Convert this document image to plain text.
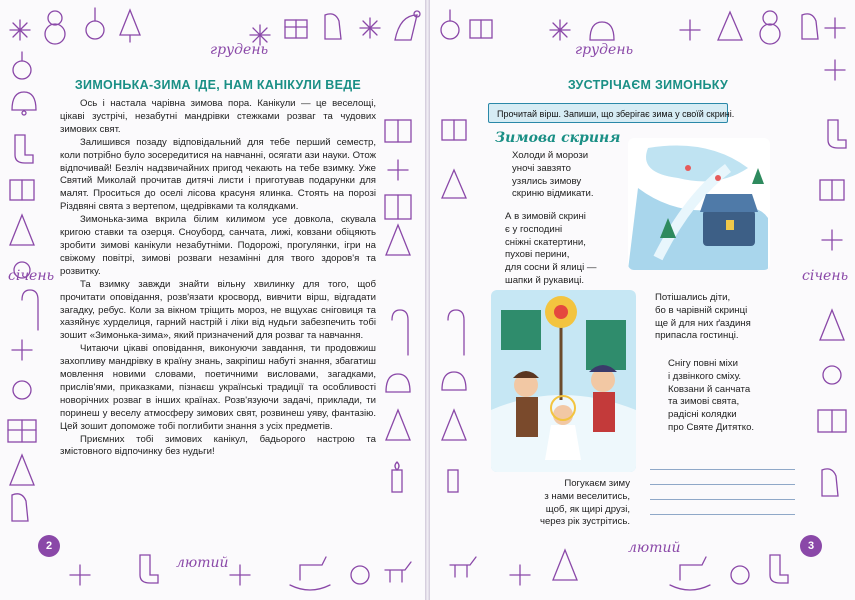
грудень
січень
лютий
ЗИМОНЬКА-ЗИМА ІДЕ, НАМ КАНІКУЛИ ВЕДЕ

Ось і настала чарівна зимова пора. Канікули — це веселощі, цікаві зустрічі, незабутні мандрівки стежками розваг та чудових зимових свят.

Залишився позаду відповідальний для тебе перший семестр, коли потрібно було зосередитися на навчанні, осягати ази науки. Отож відпочивай! Безліч надзвичайних пригод чекають на тебе взимку. Уже Святий Миколай прочитав дитячі листи і приготував подарунки для малят. Проситься до оселі лісова красуня ялинка. Стоять на порозі Різдвяні свята з вертепом, щедрівками та колядками.

Зимонька-зима вкрила білим килимом усе довкола, скувала кригою ставки та озерця. Сноуборд, санчата, лижі, ковзани обіцяють зробити зимові канікули незабутніми. Подорожі, прогулянки, ігри на свіжому повітрі, зимові розваги незамінні для твого здоров'я та розвитку.

Та взимку завжди знайти вільну хвилинку для того, щоб прочитати оповідання, розв'язати кросворд, вивчити вірш, відгадати загадку, ребус. Коли за вікном тріщить мороз, не вщухає сніговиця та хазяйнує хурделиця, гарний настрій і ліки від нудьги забезпечить тобі зошит «Зимонька-зима», який призначений для розваг та навчання.

Читаючи цікаві оповідання, виконуючи завдання, ти продовжиш захопливу мандрівку в країну знань, закріпиш набуті знання, збагатиш мовлення новими словами, поетичними висловами, загадками, прислів'ями, приказками, пізнаєш українські традиції та особливості новорічних розваг в інших країнах. Розв'язуючи задачі, приклади, ти поринеш у веселу атмосферу зимових свят, розвинеш уяву, фантазію. Цей зошит допоможе тобі поглибити знання з усіх предметів.

Приємних тобі зимових канікул, бадьорого настрою та змістовного відпочинку без нудьги!

2
грудень
січень
лютий
ЗУСТРІЧАЄМ ЗИМОНЬКУ
3
Прочитай вірш. Запиши, що зберігає зима у своїй скрині.
Зимова скриня
Холоди й морози
уночі завзято
узялись зимову
скриню відмикати.
А в зимовій скрині
є у господині
сніжні скатертини,
пухові перини,
для сосни й ялиці —
шапки й рукавиці.
Потішались діти,
бо в чарівній скринці
ще й для них ґаздиня
припасла гостинці.
Снігу повні міхи
і дзвінкого сміху.
Ковзани й санчата
та зимові свята,
радісні колядки
про Святе Дитятко.
Погукаєм зиму
з нами веселитись,
щоб, як щирі друзі,
через рік зустрітись.
